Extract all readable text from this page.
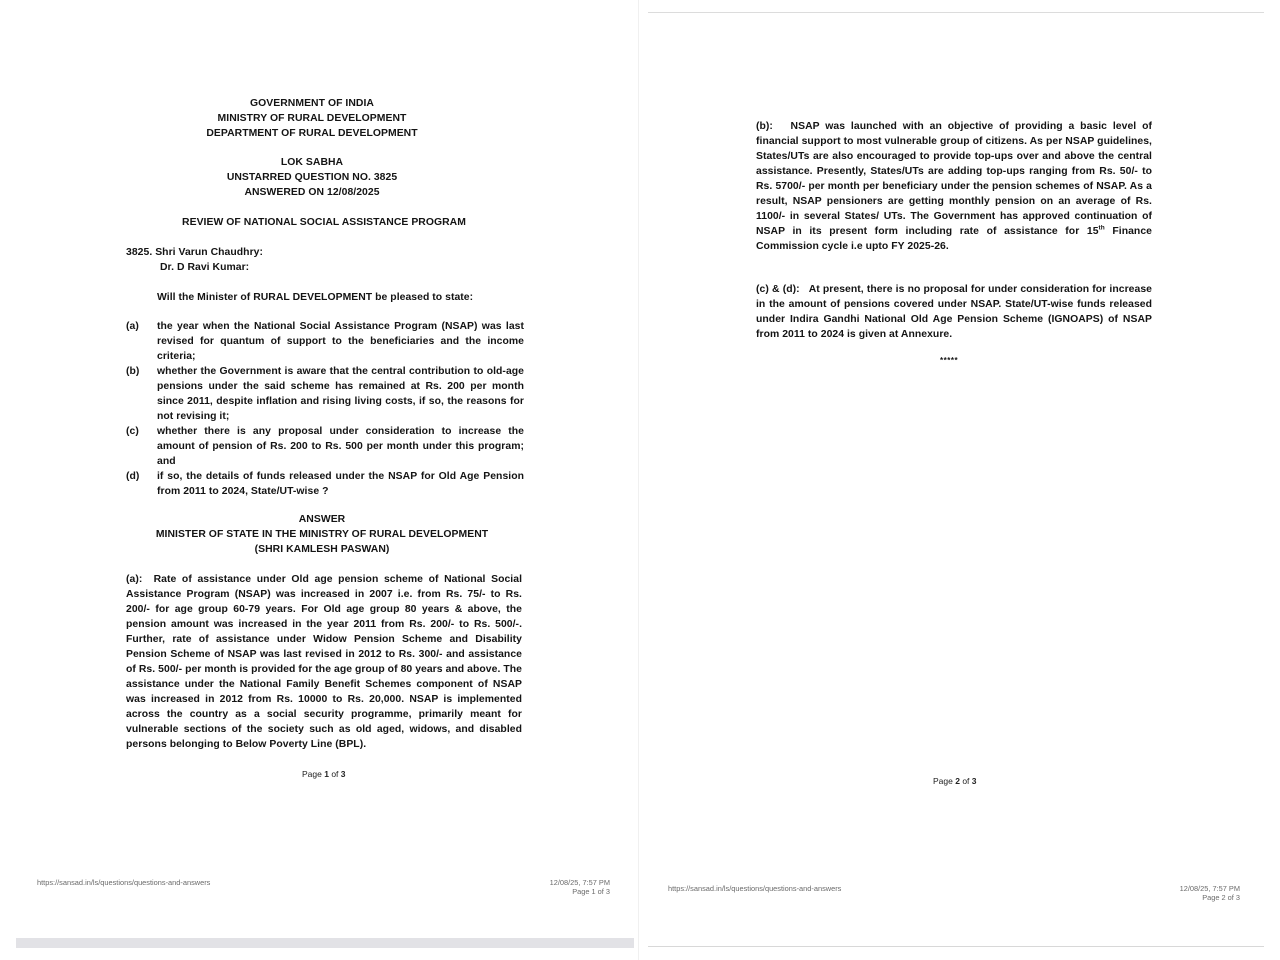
GOVERNMENT OF INDIA
MINISTRY OF RURAL DEVELOPMENT
DEPARTMENT OF RURAL DEVELOPMENT
LOK SABHA
UNSTARRED QUESTION NO. 3825
ANSWERED ON 12/08/2025
REVIEW OF NATIONAL SOCIAL ASSISTANCE PROGRAM
3825. Shri Varun Chaudhry:
Dr. D Ravi Kumar:
Will the Minister of RURAL DEVELOPMENT be pleased to state:
(a)	the year when the National Social Assistance Program (NSAP) was last revised for quantum of support to the beneficiaries and the income criteria;
(b)	whether the Government is aware that the central contribution to old-age pensions under the said scheme has remained at Rs. 200 per month since 2011, despite inflation and rising living costs, if so, the reasons for not revising it;
(c)	whether there is any proposal under consideration to increase the amount of pension of Rs. 200 to Rs. 500 per month under this program; and
(d)	if so, the details of funds released under the NSAP for Old Age Pension from 2011 to 2024, State/UT-wise ?
ANSWER
MINISTER OF STATE IN THE MINISTRY OF RURAL DEVELOPMENT
(SHRI KAMLESH PASWAN)
(a): Rate of assistance under Old age pension scheme of National Social Assistance Program (NSAP) was increased in 2007 i.e. from Rs. 75/- to Rs. 200/- for age group 60-79 years. For Old age group 80 years & above, the pension amount was increased in the year 2011 from Rs. 200/- to Rs. 500/-. Further, rate of assistance under Widow Pension Scheme and Disability Pension Scheme of NSAP was last revised in 2012 to Rs. 300/- and assistance of Rs. 500/- per month is provided for the age group of 80 years and above. The assistance under the National Family Benefit Schemes component of NSAP was increased in 2012 from Rs. 10000 to Rs. 20,000. NSAP is implemented across the country as a social security programme, primarily meant for vulnerable sections of the society such as old aged, widows, and disabled persons belonging to Below Poverty Line (BPL).
Page 1 of 3
https://sansad.in/ls/questions/questions-and-answers	12/08/25, 7:57 PM
Page 1 of 3
(b): NSAP was launched with an objective of providing a basic level of financial support to most vulnerable group of citizens. As per NSAP guidelines, States/UTs are also encouraged to provide top-ups over and above the central assistance. Presently, States/UTs are adding top-ups ranging from Rs. 50/- to Rs. 5700/- per month per beneficiary under the pension schemes of NSAP. As a result, NSAP pensioners are getting monthly pension on an average of Rs. 1100/- in several States/ UTs. The Government has approved continuation of NSAP in its present form including rate of assistance for 15th Finance Commission cycle i.e upto FY 2025-26.
(c) & (d): At present, there is no proposal for under consideration for increase in the amount of pensions covered under NSAP. State/UT-wise funds released under Indira Gandhi National Old Age Pension Scheme (IGNOAPS) of NSAP from 2011 to 2024 is given at Annexure.
*****
Page 2 of 3
https://sansad.in/ls/questions/questions-and-answers	12/08/25, 7:57 PM
Page 2 of 3
